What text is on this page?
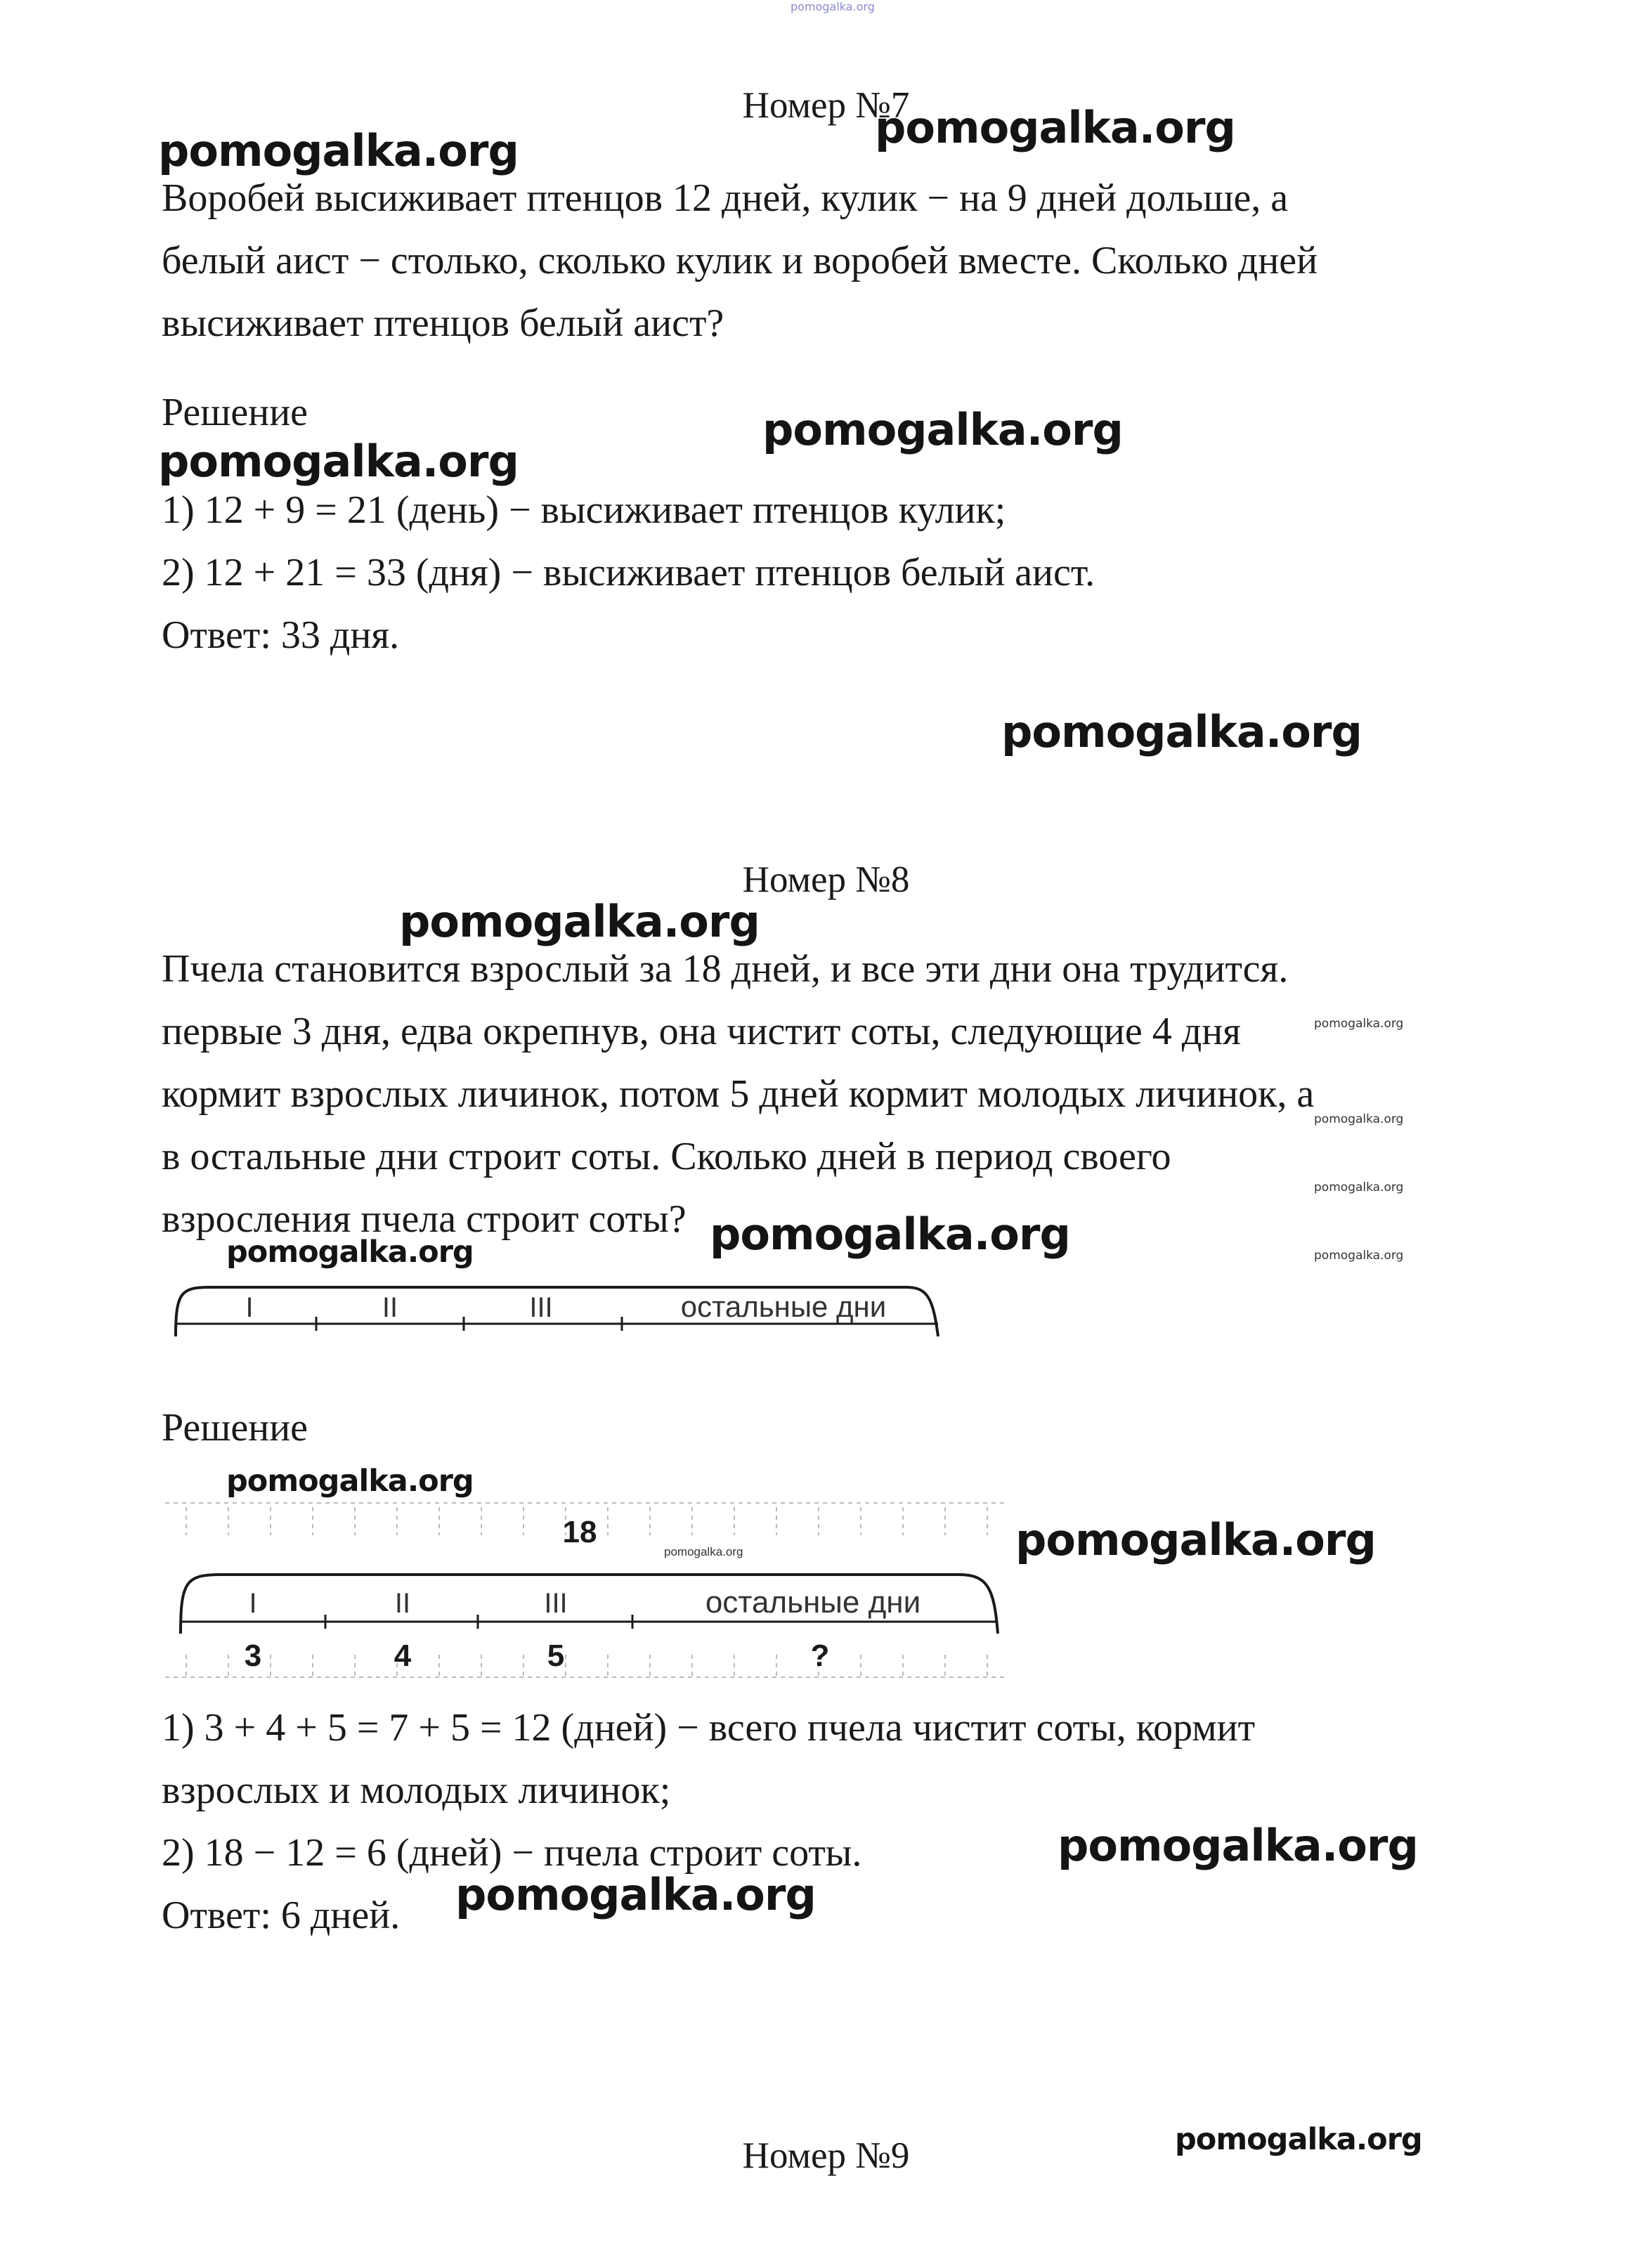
pomogalka.org
Номер №7
pomogalka.org
pomogalka.org
Воробей высиживает птенцов 12 дней, кулик − на 9 дней дольше, а
белый аист − столько, сколько кулик и воробей вместе. Сколько дней
высиживает птенцов белый аист?
Решение	pomogalka.org
pomogalka.org
1) 12 + 9 = 21 (день) − высиживает птенцов кулик;
2) 12 + 21 = 33 (дня) − высиживает птенцов белый аист.
Ответ: 33 дня.
pomogalka.org
Номер №8
pomogalka.org
Пчела становится взрослый за 18 дней, и все эти дни она трудится.
первые 3 дня, едва окрепнув, она чистит соты, следующие 4 дня
кормит взрослых личинок, потом 5 дней кормит молодых личинок, а
в остальные дни строит соты. Сколько дней в период своего
взросления пчела строит соты?
pomogalka.org
pomogalka.org
pomogalka.org
pomogalka.org
pomogalka.org
pomogalka.org
I	II	III	остальные дни
Решение
pomogalka.org
18
pomogalka.org
I	II	III	остальные дни
3	4	5	?
pomogalka.org
1) 3 + 4 + 5 = 7 + 5 = 12 (дней) − всего пчела чистит соты, кормит
взрослых и молодых личинок;
2) 18 − 12 = 6 (дней) − пчела строит соты.
Ответ: 6 дней.
pomogalka.org
pomogalka.org
Номер №9	pomogalka.org
